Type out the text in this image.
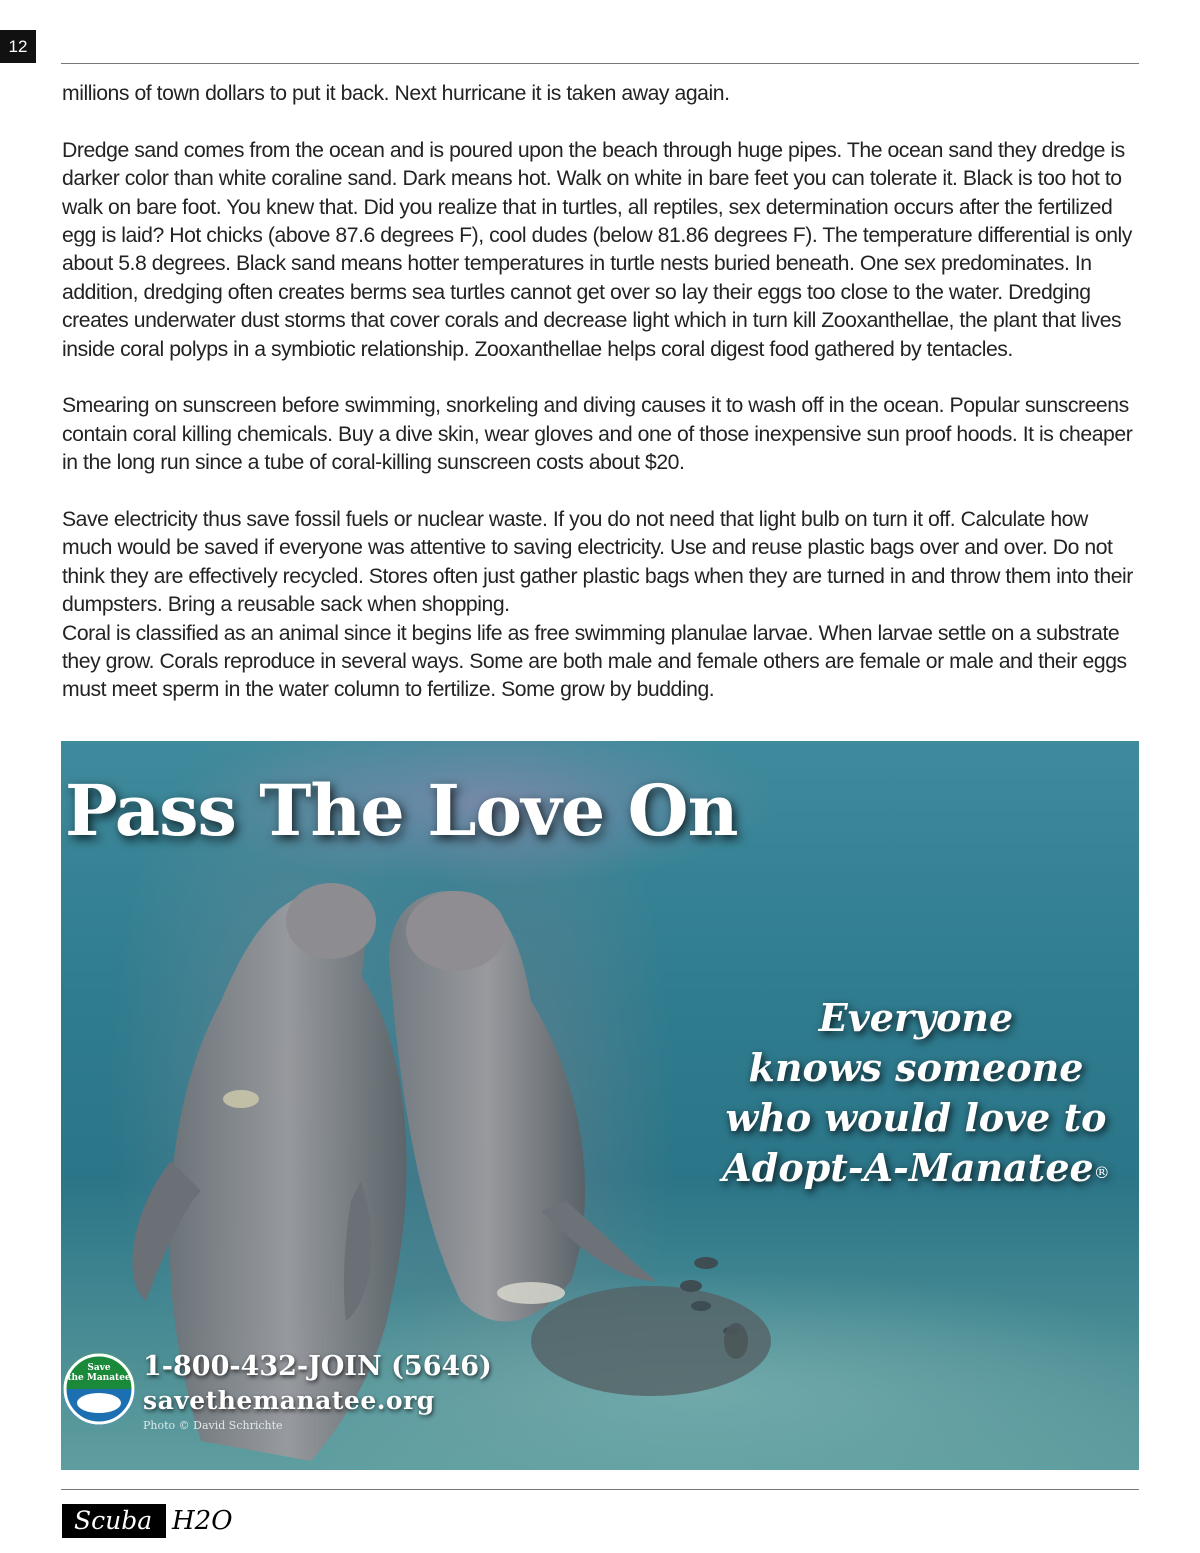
12

millions of town dollars to put it back. Next hurricane it is taken away again.

Dredge sand comes from the ocean and is poured upon the beach through huge pipes. The ocean sand they dredge is darker color than white coraline sand. Dark means hot. Walk on white in bare feet you can tolerate it. Black is too hot to walk on bare foot. You knew that. Did you realize that in turtles, all reptiles, sex determination occurs after the fertilized egg is laid? Hot chicks (above 87.6 degrees F), cool dudes (below 81.86 degrees F). The temperature differential is only about 5.8 degrees. Black sand means hotter temperatures in turtle nests buried beneath. One sex predominates. In addition, dredging often creates berms sea turtles cannot get over so lay their eggs too close to the water. Dredging creates underwater dust storms that cover corals and decrease light which in turn kill Zooxanthellae, the plant that lives inside coral polyps in a symbiotic relationship. Zooxanthellae helps coral digest food gathered by tentacles.

Smearing on sunscreen before swimming, snorkeling and diving causes it to wash off in the ocean. Popular sunscreens contain coral killing chemicals. Buy a dive skin, wear gloves and one of those inexpensive sun proof hoods. It is cheaper in the long run since a tube of coral-killing sunscreen costs about $20.

Save electricity thus save fossil fuels or nuclear waste. If you do not need that light bulb on turn it off. Calculate how much would be saved if everyone was attentive to saving electricity. Use and reuse plastic bags over and over. Do not think they are effectively recycled. Stores often just gather plastic bags when they are turned in and throw them into their dumpsters. Bring a reusable sack when shopping.

Coral is classified as an animal since it begins life as free swimming planulae larvae. When larvae settle on a substrate they grow. Corals reproduce in several ways. Some are both male and female others are female or male and their eggs must meet sperm in the water column to fertilize. Some grow by budding.

Pass The Love On
Everyone
knows someone
who would love to
Adopt-A-Manatee®
Save
the Manatee 1-800-432-JOIN (5646)
savethemanatee.org
Photo © David Schrichte
Scuba H2O
